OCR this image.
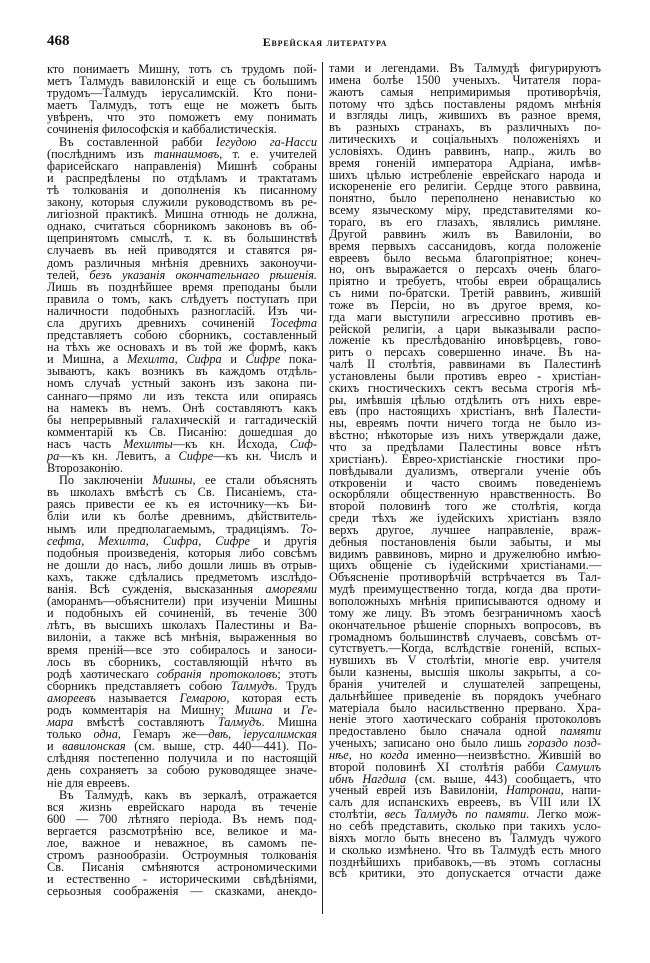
468	Еврейская литература
кто понимаетъ Мишну, тотъ съ трудомъ пой-
метъ Талмудъ вавилонскій и еще съ большимъ
трудомъ—Талмудъ іерусалимскій. Кто пони-
маетъ Талмудъ, тотъ еще не можетъ быть
увѣренъ, что это поможетъ ему понимать
сочиненія философскія и каббалистическія.
Въ составленной рабби Іегудою га-Насси
(послѣднимъ изъ таннаимовъ, т. е. учителей
фарисейскаго направленія) Мишнѣ собраны
и распредѣлены по отдѣламъ и трактатамъ
тѣ толкованія и дополненія къ писанному
закону, которыя служили руководствомъ въ ре-
лигіозной практикѣ. Мишна отнюдь не должна,
однако, считаться сборникомъ законовъ въ об-
щепринятомъ смыслѣ, т. к. въ большинствѣ
случаевъ въ ней приводятся и ставятся ря-
домъ различныя мнѣнія древнихъ законоучи-
телей, безъ указанія окончательнаго рѣшенія.
Лишь въ позднѣйшее время преподаны были
правила о томъ, какъ слѣдуетъ поступать при
наличности подобныхъ разногласій. Изъ чи-
сла другихъ древнихъ сочиненій Тосефта
представляетъ собою сборникъ, составленный
на тѣхъ же основахъ и въ той же формѣ, какъ
и Мишна, а Мехилта, Сифра и Сифре пока-
зываютъ, какъ возникъ въ каждомъ отдѣль-
номъ случаѣ устный законъ изъ закона пи-
саннаго—прямо ли изъ текста или опираясь
на намекъ въ немъ. Онѣ составляютъ какъ
бы непрерывный галахическій и гаггадическій
комментарій къ Св. Писанію: дошедшая до
насъ часть Мехилты—къ кн. Исхода, Сиф-
ра—къ кн. Левитъ, а Сифре—къ кн. Числъ и
Второзаконію.
По заключеніи Мишны, ее стали объяснять
въ школахъ вмѣстѣ съ Св. Писаніемъ, ста-
раясь привести ее къ ея источнику—къ Би-
бліи или къ болѣе древнимъ, дѣйствитель-
нымъ или предполагаемымъ, традиціямъ. То-
сефта, Мехилта, Сифра, Сифре и другія
подобныя произведенія, которыя либо совсѣмъ
не дошли до насъ, либо дошли лишь въ отрыв-
кахъ, также сдѣлались предметомъ изслѣдо-
ванія. Всѣ сужденія, высказанныя амореями
(аморанмъ—объяснители) при изученіи Мишны
и подобныхъ ей сочиненій, въ теченіе 300
лѣтъ, въ высшихъ школахъ Палестины и Ва-
вилоніи, а также всѣ мнѣнія, выраженныя во
время преній—все это собиралось и заноси-
лось въ сборникъ, составляющій нѣчто въ
родѣ хаотическаго собранія протоколовъ; этотъ
сборникъ представляетъ собою Талмудъ. Трудъ
амореевъ называется Гемарою, которая есть
родъ комментарія на Мишну; Мишна и Ге-
мара вмѣстѣ составляютъ Талмудъ. Мишна
только одна, Гемаръ же—двѣ, іерусалимская
и вавилонская (см. выше, стр. 440—441). По-
слѣдняя постепенно получила и по настоящій
день сохраняетъ за собою руководящее значе-
ніе для евреевъ.
Въ Талмудѣ, какъ въ зеркалѣ, отражается
вся жизнь еврейскаго народа въ теченіе
600 — 700 лѣтняго періода. Въ немъ под-
вергается разсмотрѣнію все, великое и ма-
лое, важное и неважное, въ самомъ пе-
стромъ разнообразіи. Остроумныя толкованія
Св. Писанія смѣняются астрономическими
и естественно - историческими свѣдѣніями,
серьозныя соображенія — сказками, анекдо-
тами и легендами. Въ Талмудѣ фигурируютъ
имена болѣе 1500 ученыхъ. Читателя пора-
жаютъ самыя непримиримыя противорѣчія,
потому что здѣсь поставлены рядомъ мнѣнія
и взгляды лицъ, жившихъ въ разное время,
въ разныхъ странахъ, въ различныхъ по-
литическихъ и соціальныхъ положеніяхъ и
условіяхъ. Одинъ раввинъ, напр., жилъ во
время гоненій императора Адріана, имѣв-
шихъ цѣлью истребленіе еврейскаго народа и
искорененіе его религіи. Сердце этого раввина,
понятно, было переполнено ненавистью ко
всему языческому міру, представителями ко-
тораго, въ его глазахъ, являлись римляне.
Другой раввинъ жилъ въ Вавилоніи, во
время первыхъ сассанидовъ, когда положеніе
евреевъ было весьма благопріятное; конеч-
но, онъ выражается о персахъ очень благо-
пріятно и требуетъ, чтобы евреи обращались
съ ними по-братски. Третій раввинъ, жившій
тоже въ Персіи, но въ другое время, ко-
гда маги выступили агрессивно противъ ев-
рейской религіи, а цари выказывали распо-
ложеніе къ преслѣдованію иновѣрцевъ, гово-
ритъ о персахъ совершенно иначе. Въ на-
чалѣ II столѣтія, раввинами въ Палестинѣ
установлены были противъ еврео - христіан-
скихъ гностическихъ сектъ весьма строгія мѣ-
ры, имѣвшія цѣлью отдѣлить отъ нихъ евре-
евъ (про настоящихъ христіанъ, внѣ Палести-
ны, евреямъ почти ничего тогда не было из-
вѣстно; нѣкоторые изъ нихъ утверждали даже,
что за предѣлами Палестины вовсе нѣтъ
христіанъ). Еврео-христіанскіе гностики про-
повѣдывали дуализмъ, отвергали ученіе объ
откровеніи и часто своимъ поведеніемъ
оскорбляли общественную нравственность. Во
второй половинѣ того же столѣтія, когда
среди тѣхъ же іудейскихъ христіанъ взяло
верхъ другое, лучшее направленіе, враж-
дебныя постановленія были забыты, и мы
видимъ раввиновъ, мирно и дружелюбно имѣю-
щихъ общеніе съ іудейскими христіанами.—
Объясненіе противорѣчій встрѣчается въ Тал-
мудѣ преимущественно тогда, когда два проти-
воположныхъ мнѣнія приписываются одному и
тому же лицу. Въ этомъ безграничномъ хаосѣ
окончательное рѣшеніе спорныхъ вопросовъ, въ
громадномъ большинствѣ случаевъ, совсѣмъ от-
сутствуетъ.—Когда, вслѣдствіе гоненій, вспых-
нувшихъ въ V столѣтіи, многіе евр. учителя
были казнены, высшія школы закрыты, а со-
бранія учителей и слушателей запрещены,
дальнѣйшее приведеніе въ порядокъ учебнаго
матеріала было насильственно прервано. Хра-
неніе этого хаотическаго собранія протоколовъ
предоставлено было сначала одной памяти
ученыхъ; записано оно было лишь гораздо позд-
нѣе, но когда именно—неизвѣстно. Жившій во
второй половинѣ XI столѣтія рабби Самуилъ
ибнъ Нагдила (см. выше, 443) сообщаетъ, что
ученый еврей изъ Вавилоніи, Натронаи, напи-
салъ для испанскихъ евреевъ, въ VIII или IX
столѣтіи, весь Талмудъ по памяти. Легко мож-
но себѣ представить, сколько при такихъ усло-
віяхъ могло быть внесено въ Талмудъ чужого
и сколько измѣнено. Что въ Талмудѣ есть много
позднѣйшихъ прибавокъ,—въ этомъ согласны
всѣ критики, это допускается отчасти даже
